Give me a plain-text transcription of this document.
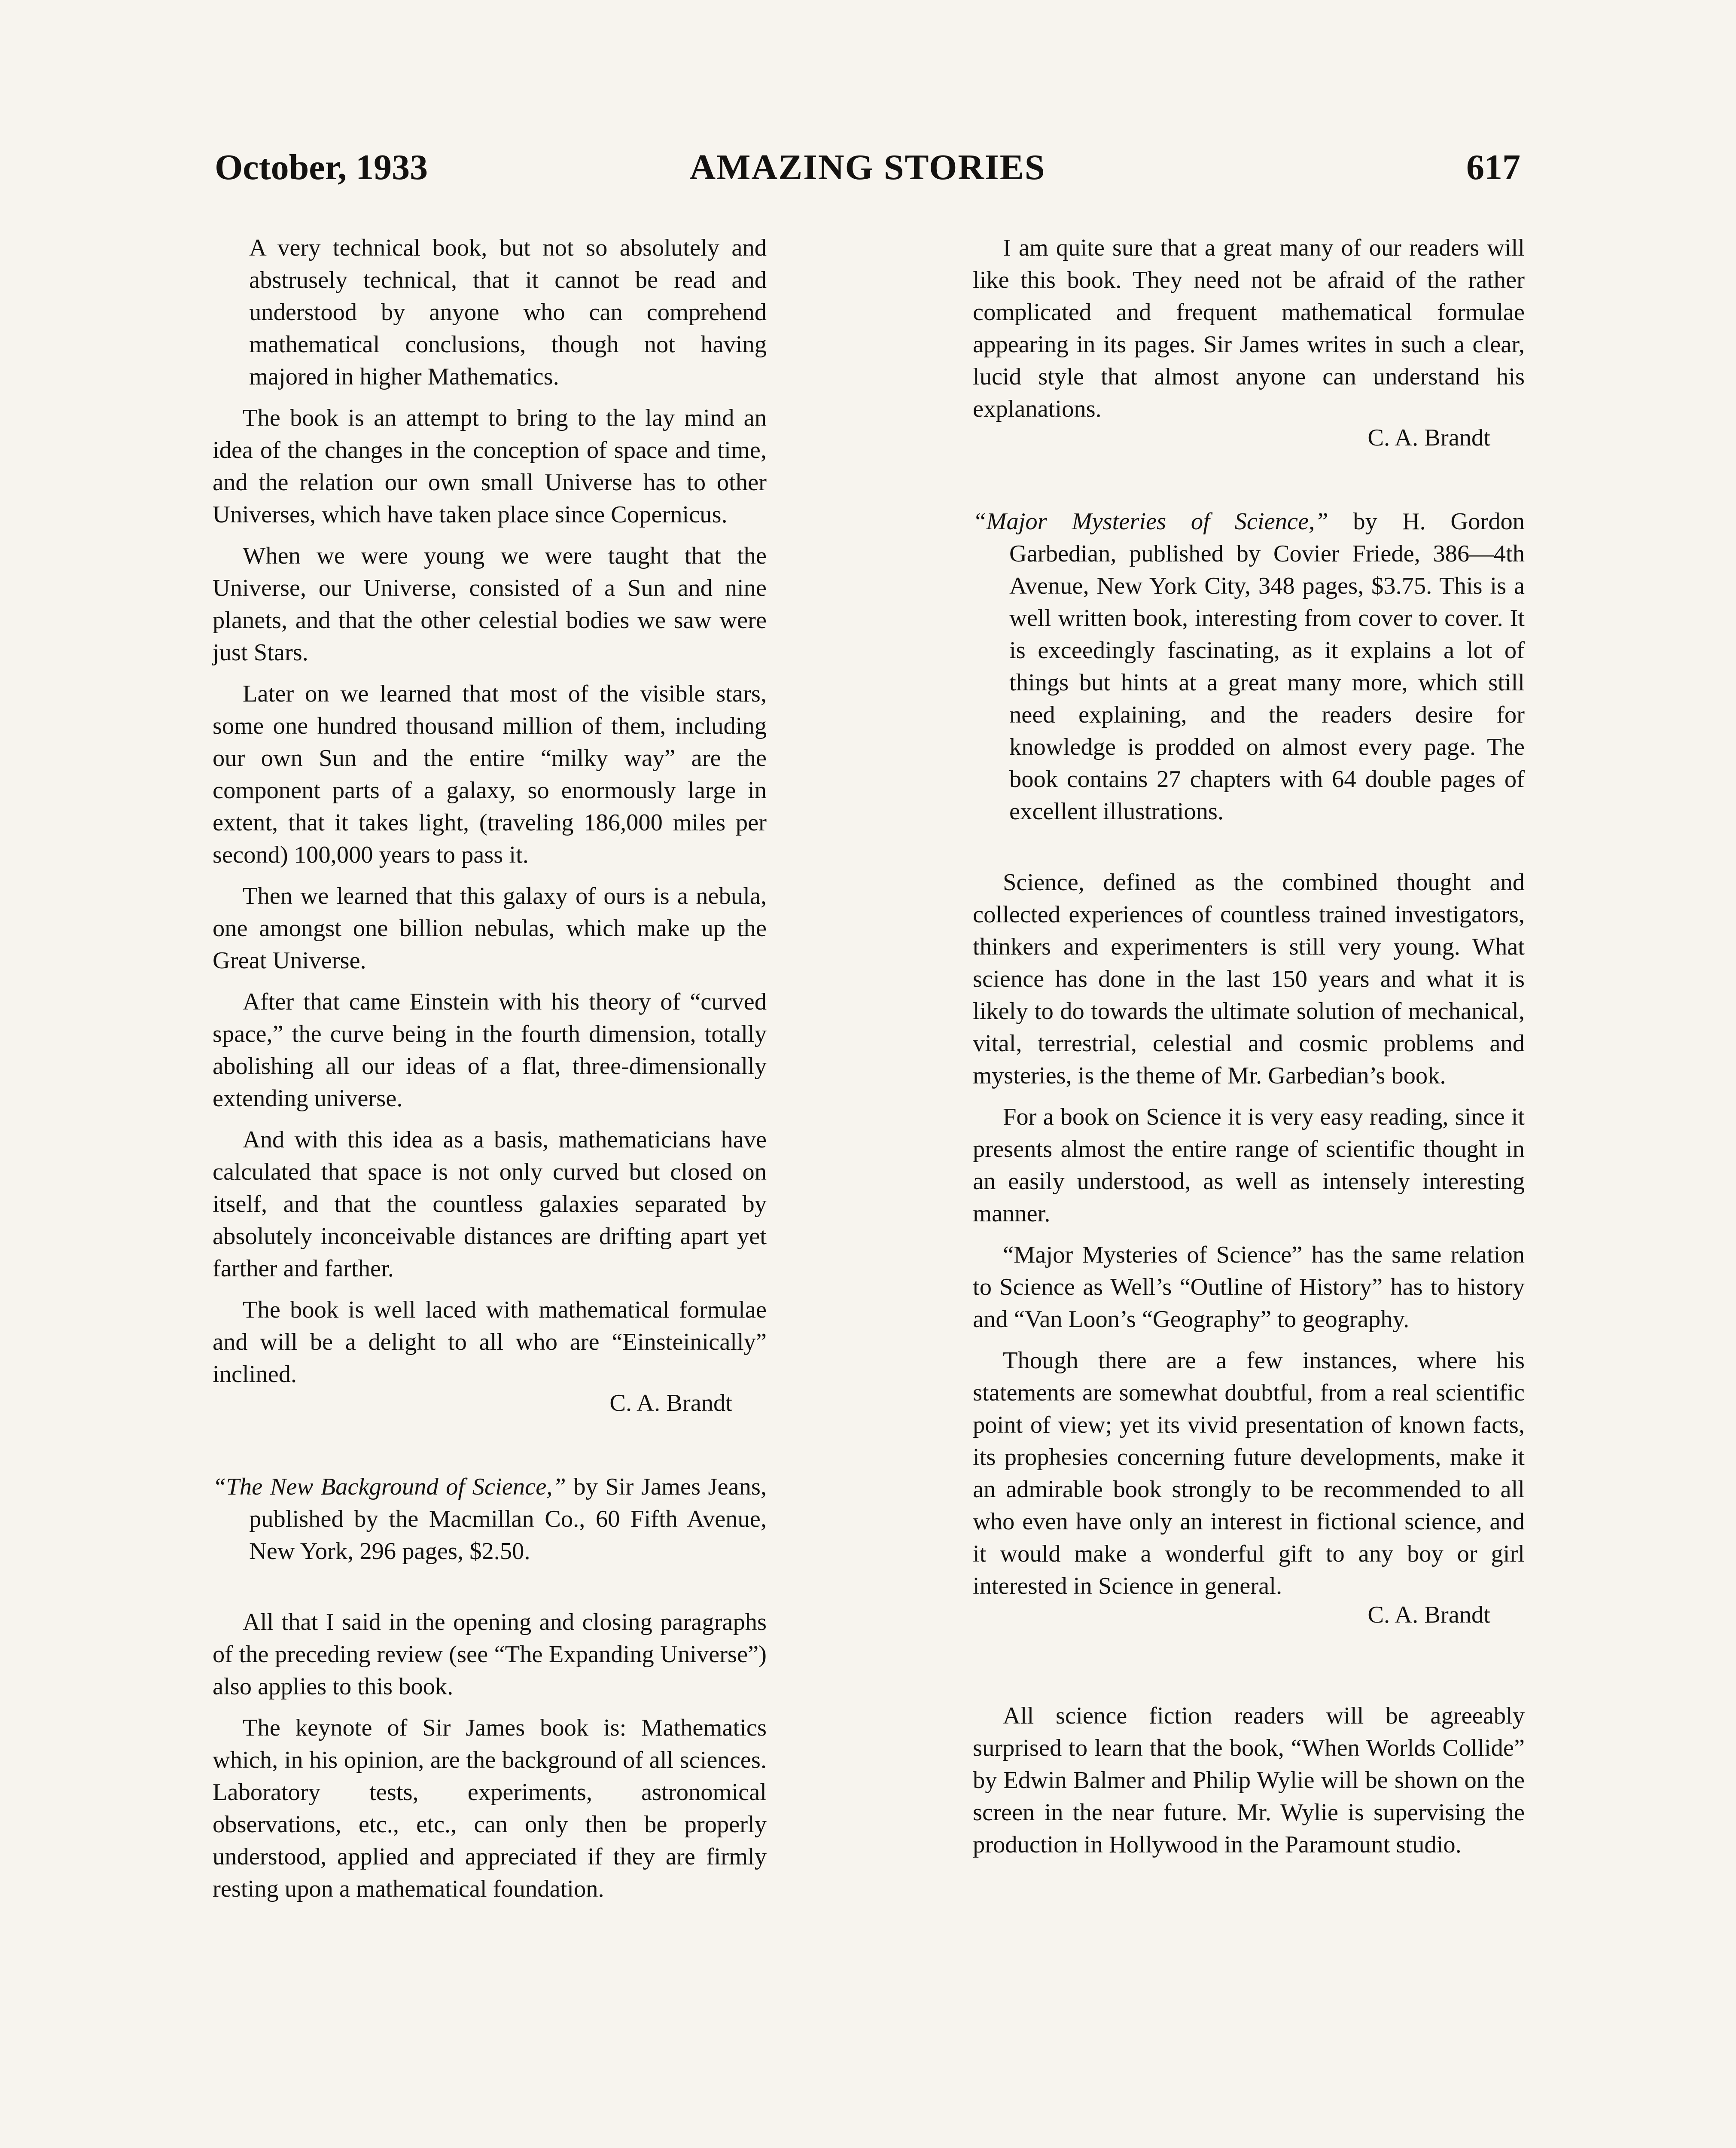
October, 1933	AMAZING STORIES	617

A very technical book, but not so absolutely and abstrusely technical, that it cannot be read and understood by anyone who can comprehend mathematical conclusions, though not having majored in higher Mathematics.

The book is an attempt to bring to the lay mind an idea of the changes in the conception of space and time, and the relation our own small Universe has to other Universes, which have taken place since Copernicus.

When we were young we were taught that the Universe, our Universe, consisted of a Sun and nine planets, and that the other celestial bodies we saw were just Stars.

Later on we learned that most of the visible stars, some one hundred thousand million of them, including our own Sun and the entire “milky way” are the component parts of a galaxy, so enormously large in extent, that it takes light, (traveling 186,000 miles per second) 100,000 years to pass it.

Then we learned that this galaxy of ours is a nebula, one amongst one billion nebulas, which make up the Great Universe.

After that came Einstein with his theory of “curved space,” the curve being in the fourth dimension, totally abolishing all our ideas of a flat, three-dimensionally extending universe.

And with this idea as a basis, mathematicians have calculated that space is not only curved but closed on itself, and that the countless galaxies separated by absolutely inconceivable distances are drifting apart yet farther and farther.

The book is well laced with mathematical formulae and will be a delight to all who are “Einsteinically” inclined.

C. A. Brandt
“The New Background of Science,” by Sir James Jeans, published by the Macmillan Co., 60 Fifth Avenue, New York, 296 pages, $2.50.

All that I said in the opening and closing paragraphs of the preceding review (see “The Expanding Universe”) also applies to this book.

The keynote of Sir James book is: Mathematics which, in his opinion, are the background of all sciences. Laboratory tests, experiments, astronomical observations, etc., etc., can only then be properly understood, applied and appreciated if they are firmly resting upon a mathematical foundation.

I am quite sure that a great many of our readers will like this book. They need not be afraid of the rather complicated and frequent mathematical formulae appearing in its pages. Sir James writes in such a clear, lucid style that almost anyone can understand his explanations.

C. A. Brandt
“Major Mysteries of Science,” by H. Gordon Garbedian, published by Covier Friede, 386—4th Avenue, New York City, 348 pages, $3.75. This is a well written book, interesting from cover to cover. It is exceedingly fascinating, as it explains a lot of things but hints at a great many more, which still need explaining, and the readers desire for knowledge is prodded on almost every page. The book contains 27 chapters with 64 double pages of excellent illustrations.

Science, defined as the combined thought and collected experiences of countless trained investigators, thinkers and experimenters is still very young. What science has done in the last 150 years and what it is likely to do towards the ultimate solution of mechanical, vital, terrestrial, celestial and cosmic problems and mysteries, is the theme of Mr. Garbedian’s book.

For a book on Science it is very easy reading, since it presents almost the entire range of scientific thought in an easily understood, as well as intensely interesting manner.

“Major Mysteries of Science” has the same relation to Science as Well’s “Outline of History” has to history and “Van Loon’s “Geography” to geography.

Though there are a few instances, where his statements are somewhat doubtful, from a real scientific point of view; yet its vivid presentation of known facts, its prophesies concerning future developments, make it an admirable book strongly to be recommended to all who even have only an interest in fictional science, and it would make a wonderful gift to any boy or girl interested in Science in general.

C. A. Brandt

All science fiction readers will be agreeably surprised to learn that the book, “When Worlds Collide” by Edwin Balmer and Philip Wylie will be shown on the screen in the near future. Mr. Wylie is supervising the production in Hollywood in the Paramount studio.
